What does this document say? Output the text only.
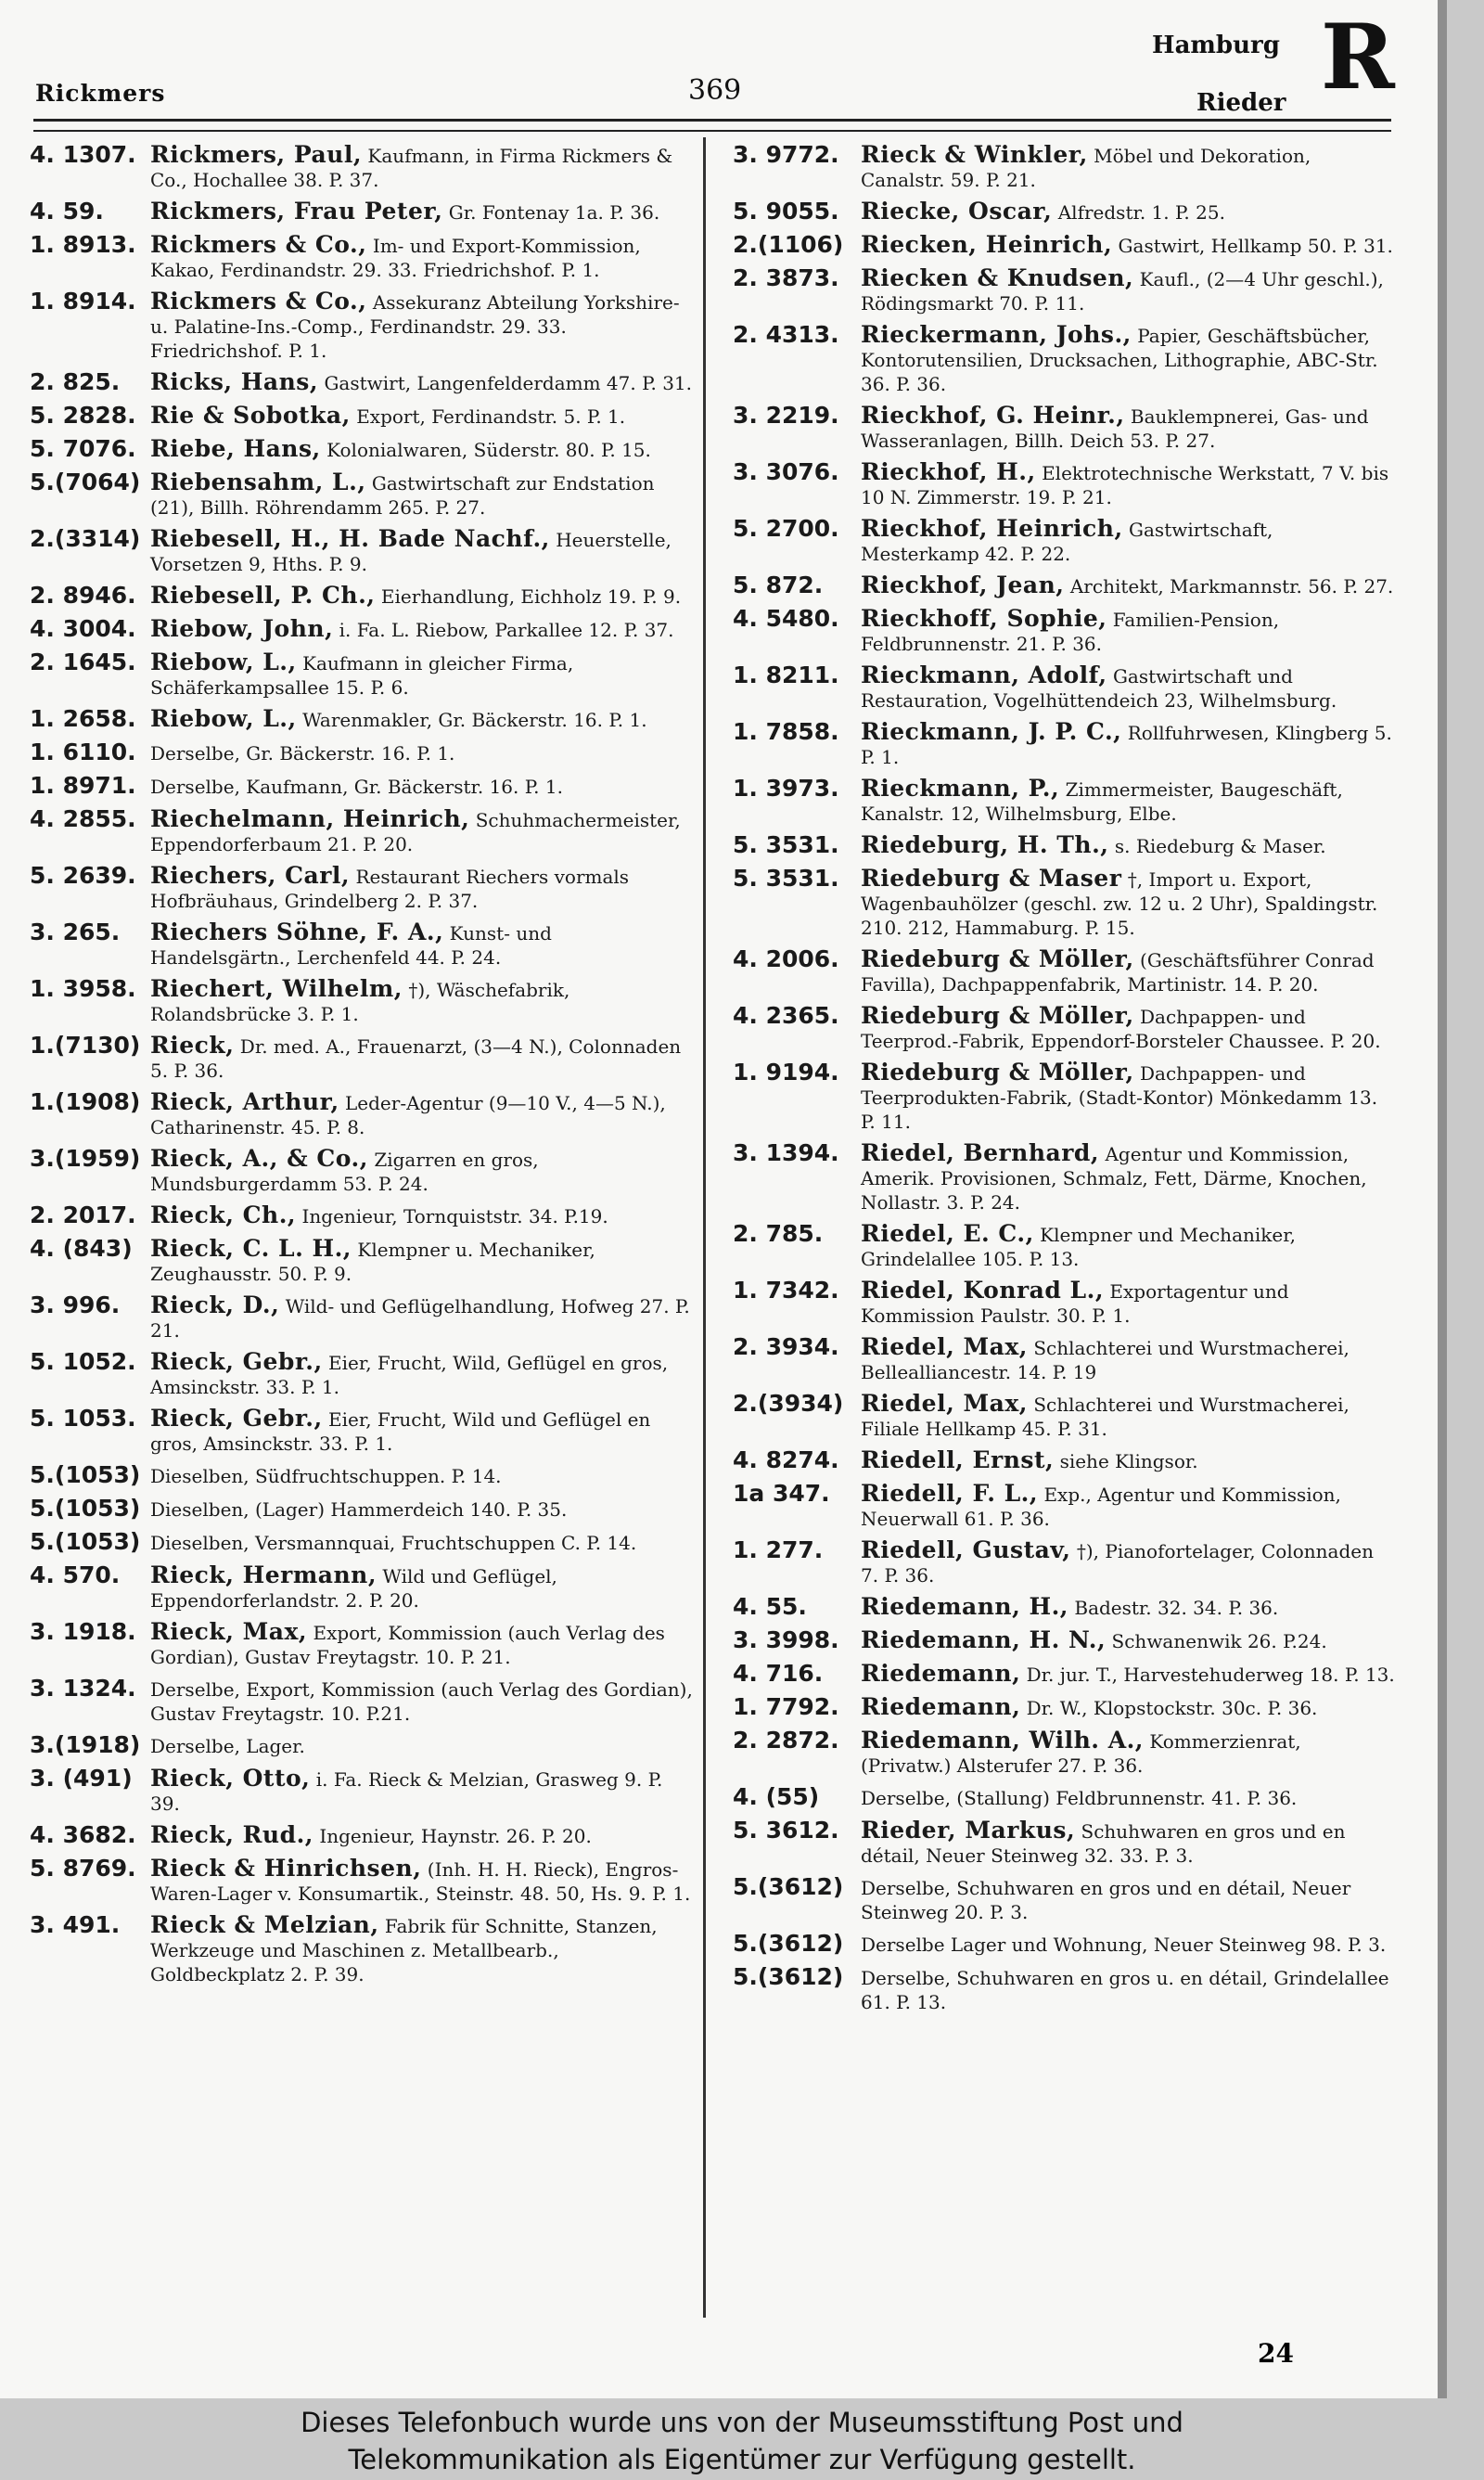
Rickmers	369
Hamburg
Rieder R
4. 1307. Rickmers, Paul, Kaufmann, in Firma Rickmers & Co., Hochallee 38. P. 37.
4. 59.	Rickmers, Frau Peter, Gr. Fontenay 1a. P. 36.
1. 8913. Rickmers & Co., Im- und Export-Kommission, Kakao, Ferdinandstr. 29. 33. Friedrichshof. P. 1.
1. 8914. Rickmers & Co., Assekuranz Abteilung Yorkshire- u. Palatine-Ins.-Comp., Ferdinandstr. 29. 33. Friedrichshof. P. 1.
2. 825.	Ricks, Hans, Gastwirt, Langenfelderdamm 47. P. 31.
5. 2828. Rie & Sobotka, Export, Ferdinandstr. 5. P. 1.
5. 7076. Riebe, Hans, Kolonialwaren, Süderstr. 80. P. 15.
5.(7064) Riebensahm, L., Gastwirtschaft zur Endstation (21), Billh. Röhrendamm 265. P. 27.
2.(3314) Riebesell, H., H. Bade Nachf., Heuerstelle, Vorsetzen 9, Hths. P. 9.
2. 8946. Riebesell, P. Ch., Eierhandlung, Eichholz 19. P. 9.
4. 3004. Riebow, John, i. Fa. L. Riebow, Parkallee 12. P. 37.
2. 1645. Riebow, L., Kaufmann in gleicher Firma, Schäferkampsallee 15. P. 6.
1. 2658. Riebow, L., Warenmakler, Gr. Bäckerstr. 16. P. 1.
1. 6110. Derselbe, Gr. Bäckerstr. 16. P. 1.
1. 8971. Derselbe, Kaufmann, Gr. Bäckerstr. 16. P. 1.
4. 2855. Riechelmann, Heinrich, Schuhmachermeister, Eppendorferbaum 21. P. 20.
5. 2639. Riechers, Carl, Restaurant Riechers vormals Hofbräuhaus, Grindelberg 2. P. 37.
3. 265.	Riechers Söhne, F. A., Kunst- und Handelsgärtn., Lerchenfeld 44. P. 24.
1. 3958. Riechert, Wilhelm, †), Wäschefabrik, Rolandsbrücke 3. P. 1.
1.(7130) Rieck, Dr. med. A., Frauenarzt, (3—4 N.), Colonnaden 5. P. 36.
1.(1908) Rieck, Arthur, Leder-Agentur (9—10 V., 4—5 N.), Catharinenstr. 45. P. 8.
3.(1959) Rieck, A., & Co., Zigarren en gros, Mundsburgerdamm 53. P. 24.
2. 2017. Rieck, Ch., Ingenieur, Tornquiststr. 34. P.19.
4. (843) Rieck, C. L. H., Klempner u. Mechaniker, Zeughausstr. 50. P. 9.
3. 996.	Rieck, D., Wild- und Geflügelhandlung, Hofweg 27. P. 21.
5. 1052. Rieck, Gebr., Eier, Frucht, Wild, Geflügel en gros, Amsinckstr. 33. P. 1.
5. 1053. Rieck, Gebr., Eier, Frucht, Wild und Geflügel en gros, Amsinckstr. 33. P. 1.
5.(1053) Dieselben, Südfruchtschuppen. P. 14.
5.(1053) Dieselben, (Lager) Hammerdeich 140. P. 35.
5.(1053) Dieselben, Versmannquai, Fruchtschuppen C. P. 14.
4. 570.	Rieck, Hermann, Wild und Geflügel, Eppendorferlandstr. 2. P. 20.
3. 1918. Rieck, Max, Export, Kommission (auch Verlag des Gordian), Gustav Freytagstr. 10. P. 21.
3. 1324. Derselbe, Export, Kommission (auch Verlag des Gordian), Gustav Freytagstr. 10. P.21.
3.(1918) Derselbe, Lager.
3. (491) Rieck, Otto, i. Fa. Rieck & Melzian, Grasweg 9. P. 39.
4. 3682. Rieck, Rud., Ingenieur, Haynstr. 26. P. 20.
5. 8769. Rieck & Hinrichsen, (Inh. H. H. Rieck), Engros-Waren-Lager v. Konsumartik., Steinstr. 48. 50, Hs. 9. P. 1.
3. 491.	Rieck & Melzian, Fabrik für Schnitte, Stanzen, Werkzeuge und Maschinen z. Metallbearb., Goldbeckplatz 2. P. 39.
3. 9772. Rieck & Winkler, Möbel und Dekoration, Canalstr. 59. P. 21.
5. 9055. Riecke, Oscar, Alfredstr. 1. P. 25.
2.(1106) Riecken, Heinrich, Gastwirt, Hellkamp 50. P. 31.
2. 3873. Riecken & Knudsen, Kaufl., (2—4 Uhr geschl.), Rödingsmarkt 70. P. 11.
2. 4313. Rieckermann, Johs., Papier, Geschäftsbücher, Kontorutensilien, Drucksachen, Lithographie, ABC-Str. 36. P. 36.
3. 2219. Rieckhof, G. Heinr., Bauklempnerei, Gas- und Wasseranlagen, Billh. Deich 53. P. 27.
3. 3076. Rieckhof, H., Elektrotechnische Werkstatt, 7 V. bis 10 N. Zimmerstr. 19. P. 21.
5. 2700. Rieckhof, Heinrich, Gastwirtschaft, Mesterkamp 42. P. 22.
5. 872.	Rieckhof, Jean, Architekt, Markmannstr. 56. P. 27.
4. 5480. Rieckhoff, Sophie, Familien-Pension, Feldbrunnenstr. 21. P. 36.
1. 8211. Rieckmann, Adolf, Gastwirtschaft und Restauration, Vogelhüttendeich 23, Wilhelmsburg.
1. 7858. Rieckmann, J. P. C., Rollfuhrwesen, Klingberg 5. P. 1.
1. 3973. Rieckmann, P., Zimmermeister, Baugeschäft, Kanalstr. 12, Wilhelmsburg, Elbe.
5. 3531. Riedeburg, H. Th., s. Riedeburg & Maser.
5. 3531. Riedeburg & Maser †, Import u. Export, Wagenbauhölzer (geschl. zw. 12 u. 2 Uhr), Spaldingstr. 210. 212, Hammaburg. P. 15.
4. 2006. Riedeburg & Möller, (Geschäftsführer Conrad Favilla), Dachpappenfabrik, Martinistr. 14. P. 20.
4. 2365. Riedeburg & Möller, Dachpappen- und Teerprod.-Fabrik, Eppendorf-Borsteler Chaussee. P. 20.
1. 9194. Riedeburg & Möller, Dachpappen- und Teerprodukten-Fabrik, (Stadt-Kontor) Mönkedamm 13. P. 11.
3. 1394. Riedel, Bernhard, Agentur und Kommission, Amerik. Provisionen, Schmalz, Fett, Därme, Knochen, Nollastr. 3. P. 24.
2. 785.	Riedel, E. C., Klempner und Mechaniker, Grindelallee 105. P. 13.
1. 7342. Riedel, Konrad L., Exportagentur und Kommission Paulstr. 30. P. 1.
2. 3934. Riedel, Max, Schlachterei und Wurstmacherei, Bellealliancestr. 14. P. 19
2.(3934) Riedel, Max, Schlachterei und Wurstmacherei, Filiale Hellkamp 45. P. 31.
4. 8274. Riedell, Ernst, siehe Klingsor.
1a 347.	Riedell, F. L., Exp., Agentur und Kommission, Neuerwall 61. P. 36.
1. 277.	Riedell, Gustav, †), Pianofortelager, Colonnaden 7. P. 36.
4. 55.	Riedemann, H., Badestr. 32. 34. P. 36.
3. 3998. Riedemann, H. N., Schwanenwik 26. P.24.
4. 716.	Riedemann, Dr. jur. T., Harvestehuderweg 18. P. 13.
1. 7792. Riedemann, Dr. W., Klopstockstr. 30c. P. 36.
2. 2872. Riedemann, Wilh. A., Kommerzienrat, (Privatw.) Alsterufer 27. P. 36.
4. (55)	Derselbe, (Stallung) Feldbrunnenstr. 41. P. 36.
5. 3612. Rieder, Markus, Schuhwaren en gros und en détail, Neuer Steinweg 32. 33. P. 3.
5.(3612) Derselbe, Schuhwaren en gros und en détail, Neuer Steinweg 20. P. 3.
5.(3612) Derselbe Lager und Wohnung, Neuer Steinweg 98. P. 3.
5.(3612) Derselbe, Schuhwaren en gros u. en détail, Grindelallee 61. P. 13.
24
Dieses Telefonbuch wurde uns von der Museumsstiftung Post und
Telekommunikation als Eigentümer zur Verfügung gestellt.
